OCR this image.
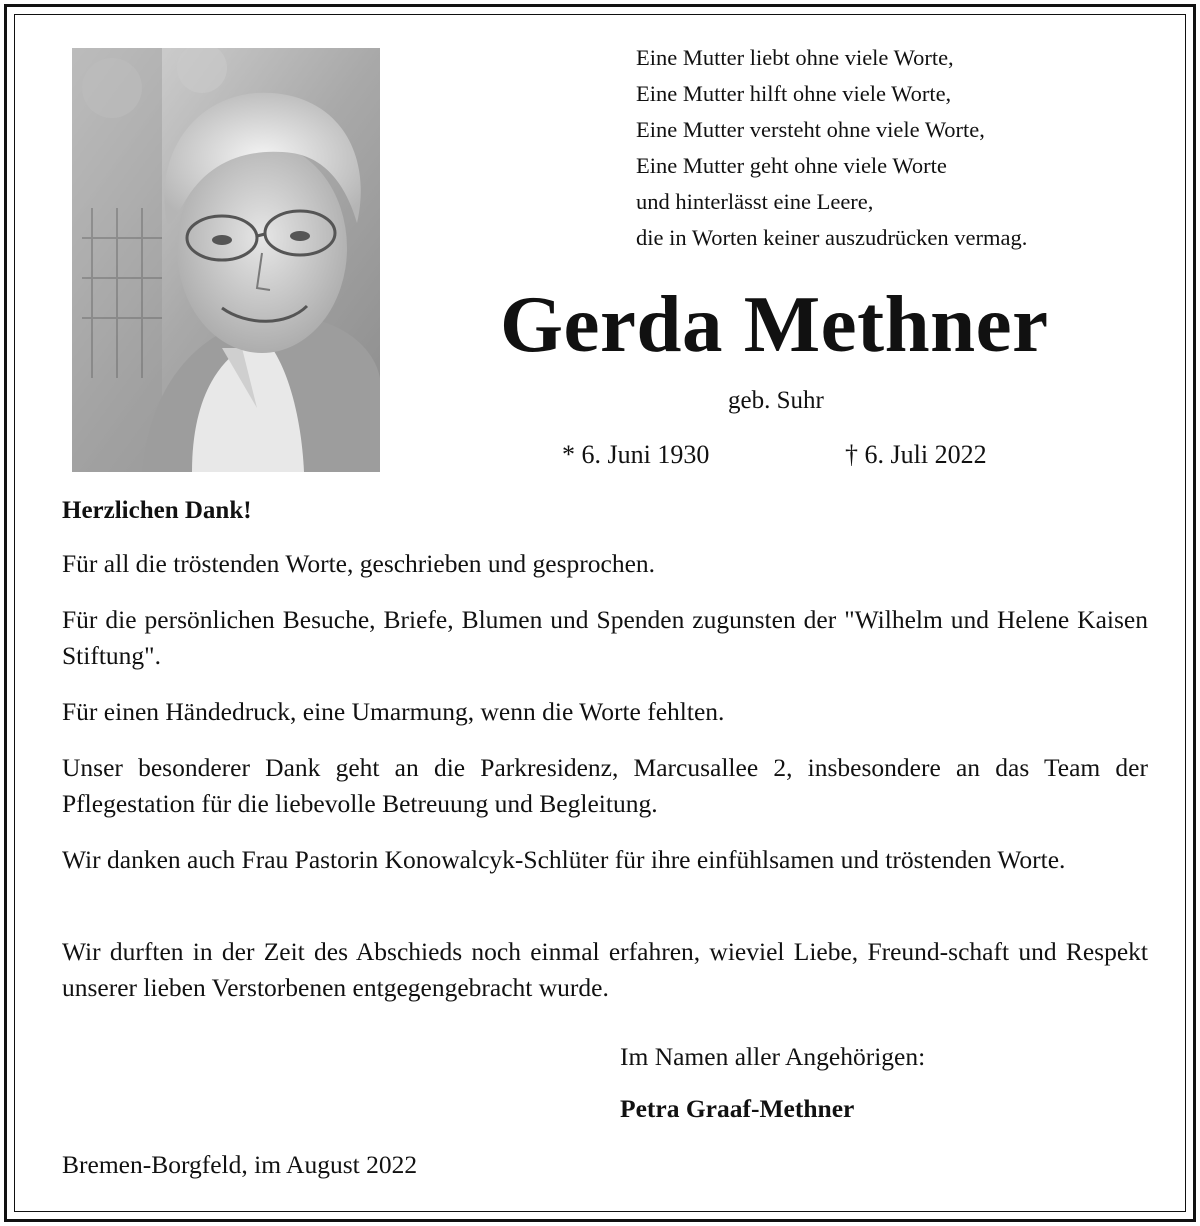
Eine Mutter liebt ohne viele Worte,
Eine Mutter hilft ohne viele Worte,
Eine Mutter versteht ohne viele Worte,
Eine Mutter geht ohne viele Worte
und hinterlässt eine Leere,
die in Worten keiner auszudrücken vermag.
Gerda Methner
geb. Suhr
* 6. Juni 1930	† 6. Juli 2022
Herzlichen Dank!
Für all die tröstenden Worte, geschrieben und gesprochen.
Für die persönlichen Besuche, Briefe, Blumen und Spenden zugunsten der "Wilhelm und Helene Kaisen Stiftung".
Für einen Händedruck, eine Umarmung, wenn die Worte fehlten.
Unser besonderer Dank geht an die Parkresidenz, Marcusallee 2, insbesondere an das Team der Pflegestation für die liebevolle Betreuung und Begleitung.
Wir danken auch Frau Pastorin Konowalcyk-Schlüter für ihre einfühlsamen und tröstenden Worte.
Wir durften in der Zeit des Abschieds noch einmal erfahren, wieviel Liebe, Freund-schaft und Respekt unserer lieben Verstorbenen entgegengebracht wurde.
Im Namen aller Angehörigen:
Petra Graaf-Methner
Bremen-Borgfeld, im August 2022
